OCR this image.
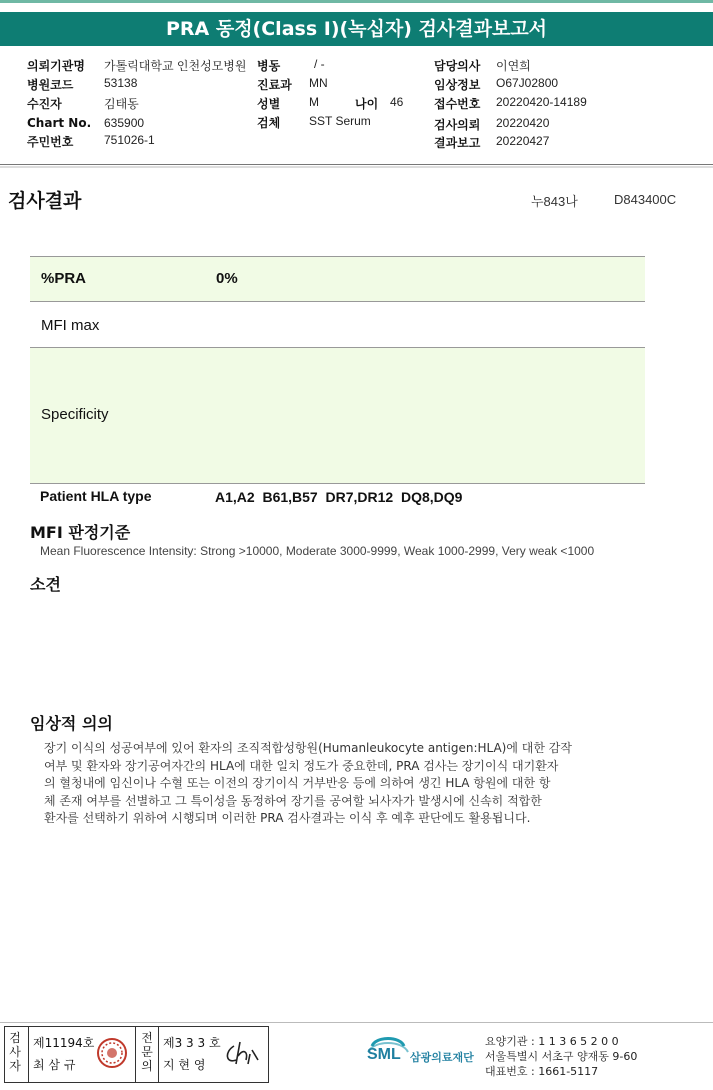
PRA 동정(Class I)(녹십자) 검사결과보고서
의뢰기관명 가톨릭대학교 인천성모병원 병동	/ -	담당의사 이연희
병원코드	53138	진료과 MN	임상정보 O67J02800
수진자	김태동	성별 M	나이 46	접수번호 20220420-14189
Chart No. 635900	검체 SST Serum	검사의뢰 20220420
주민번호	751026-1	결과보고 20220427
검사결과	누843나	D843400C
%PRA	0%
MFI max
Specificity
Patient HLA type	A1,A2  B61,B57  DR7,DR12  DQ8,DQ9
MFI 판정기준
Mean Fluorescence Intensity: Strong >10000, Moderate 3000-9999, Weak 1000-2999, Very weak <1000
소견
임상적 의의
장기 이식의 성공여부에 있어 환자의 조직적합성항원(Humanleukocyte antigen:HLA)에 대한 감작
여부 및 환자와 장기공여자간의 HLA에 대한 일치 정도가 중요한데, PRA 검사는 장기이식 대기환자
의 혈청내에 임신이나 수혈 또는 이전의 장기이식 거부반응 등에 의하여 생긴 HLA 항원에 대한 항
체 존재 여부를 선별하고 그 특이성을 동정하여 장기를 공여할 뇌사자가 발생시에 신속히 적합한
환자를 선택하기 위하여 시행되며 이러한 PRA 검사결과는 이식 후 예후 판단에도 활용됩니다.
검사자
제11194호
최 삼 규
전문의
제3 3 3 호
지 현 영
SML 삼광의료재단
요양기관 : 1 1 3 6 5 2 0 0
서울특별시 서초구 양재동 9-60
대표번호 : 1661-5117
